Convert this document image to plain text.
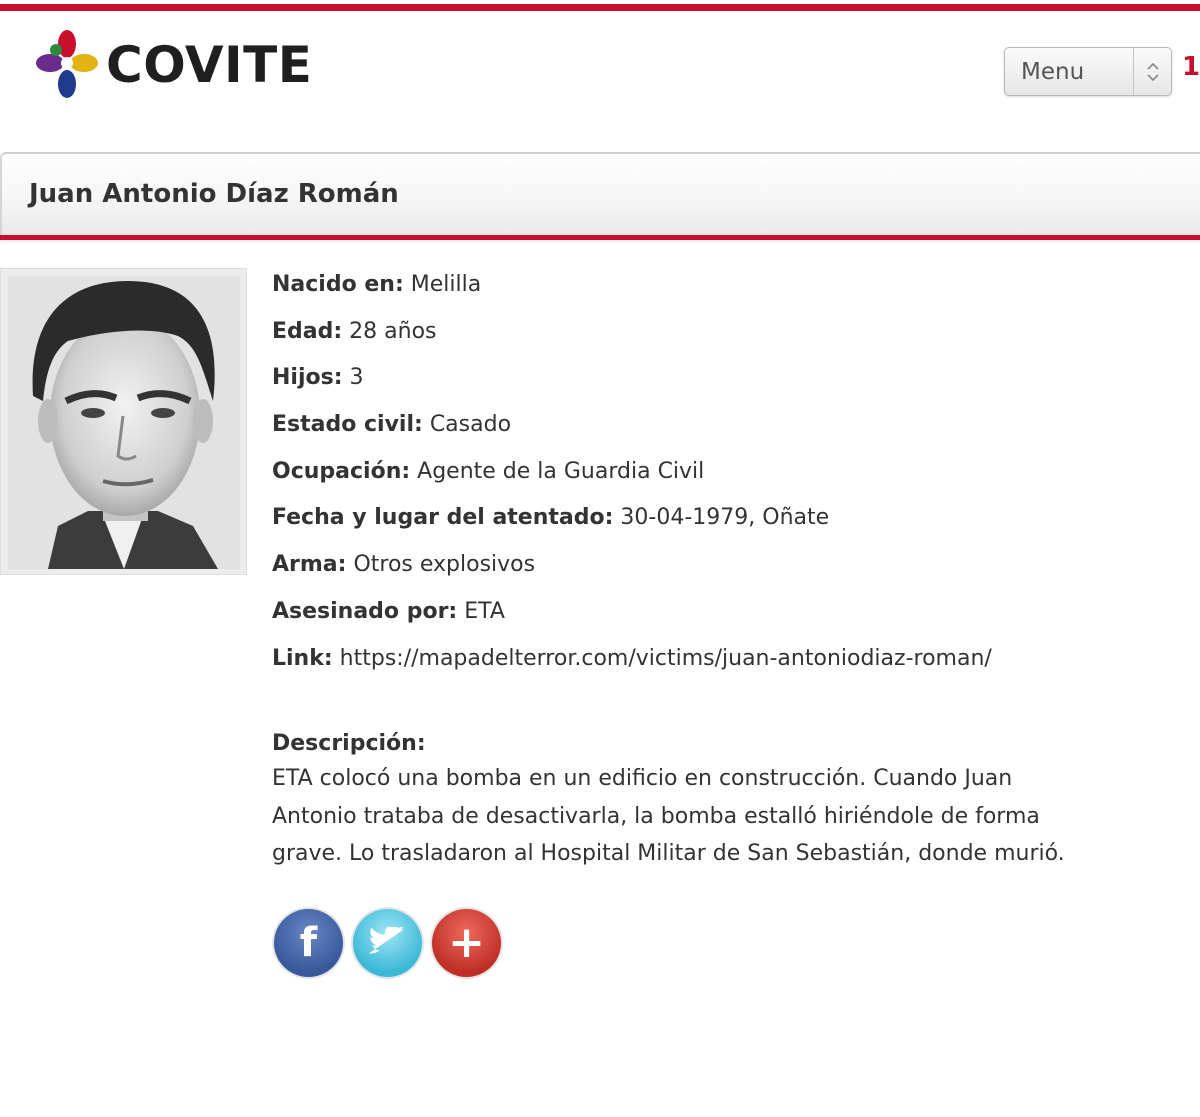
COVITE	Menu	1
Juan Antonio Díaz Román
Nacido en: Melilla
Edad: 28 años
Hijos: 3
Estado civil: Casado
Ocupación: Agente de la Guardia Civil
Fecha y lugar del atentado: 30-04-1979, Oñate
Arma: Otros explosivos
Asesinado por: ETA
Link: https://mapadelterror.com/victims/juan-antoniodiaz-roman/
Descripción:
ETA colocó una bomba en un edificio en construcción. Cuando Juan
Antonio trataba de desactivarla, la bomba estalló hiriéndole de forma
grave. Lo trasladaron al Hospital Militar de San Sebastián, donde murió.
f	+
